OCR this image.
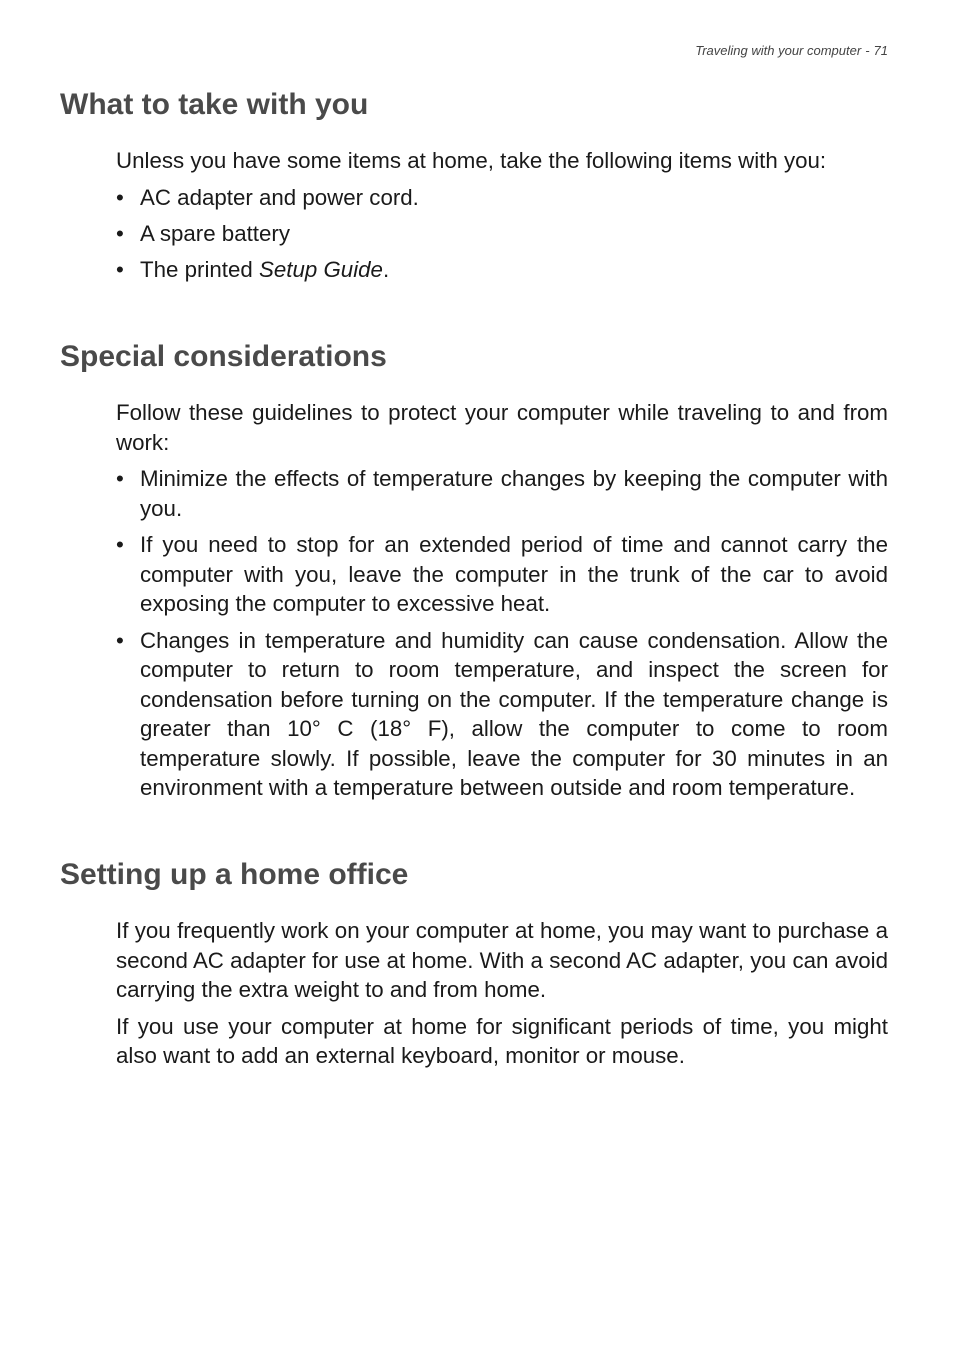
Traveling with your computer - 71
What to take with you

Unless you have some items at home, take the following items with you:

• AC adapter and power cord.
• A spare battery
• The printed Setup Guide.
Special considerations

Follow these guidelines to protect your computer while traveling to and from work:

• Minimize the effects of temperature changes by keeping the computer with you.
• If you need to stop for an extended period of time and cannot carry the computer with you, leave the computer in the trunk of the car to avoid exposing the computer to excessive heat.
• Changes in temperature and humidity can cause condensation. Allow the computer to return to room temperature, and inspect the screen for condensation before turning on the computer. If the temperature change is greater than 10° C (18° F), allow the computer to come to room temperature slowly. If possible, leave the computer for 30 minutes in an environment with a temperature between outside and room temperature.
Setting up a home office

If you frequently work on your computer at home, you may want to purchase a second AC adapter for use at home. With a second AC adapter, you can avoid carrying the extra weight to and from home.

If you use your computer at home for significant periods of time, you might also want to add an external keyboard, monitor or mouse.
